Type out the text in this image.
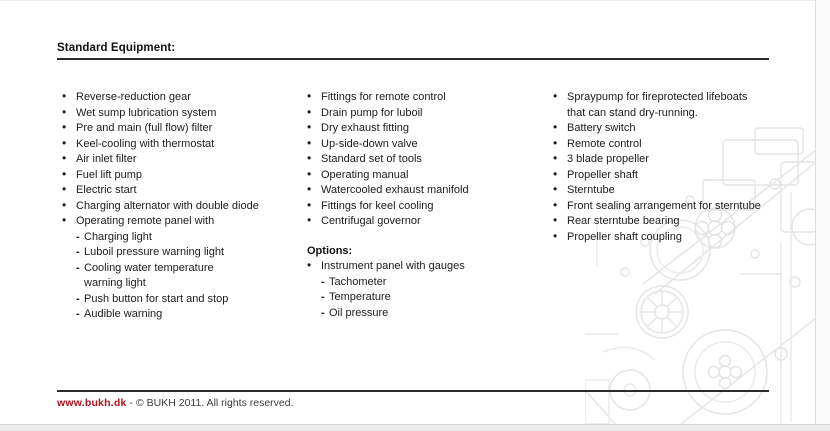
Standard Equipment:
• Reverse-reduction gear
• Wet sump lubrication system
• Pre and main (full flow) filter
• Keel-cooling with thermostat
• Air inlet filter
• Fuel lift pump
• Electric start
• Charging alternator with double diode
• Operating remote panel with
- Charging light
- Luboil pressure warning light
- Cooling water temperature
warning light
- Push button for start and stop
- Audible warning
• Fittings for remote control
• Drain pump for luboil
• Dry exhaust fitting
• Up-side-down valve
• Standard set of tools
• Operating manual
• Watercooled exhaust manifold
• Fittings for keel cooling
• Centrifugal governor
Options:
• Instrument panel with gauges
- Tachometer
- Temperature
- Oil pressure
• Spraypump for fireprotected lifeboats
that can stand dry-running.
• Battery switch
• Remote control
• 3 blade propeller
• Propeller shaft
• Sterntube
• Front sealing arrangement for sterntube
• Rear sterntube bearing
• Propeller shaft coupling
www.bukh.dk - © BUKH 2011. All rights reserved.
